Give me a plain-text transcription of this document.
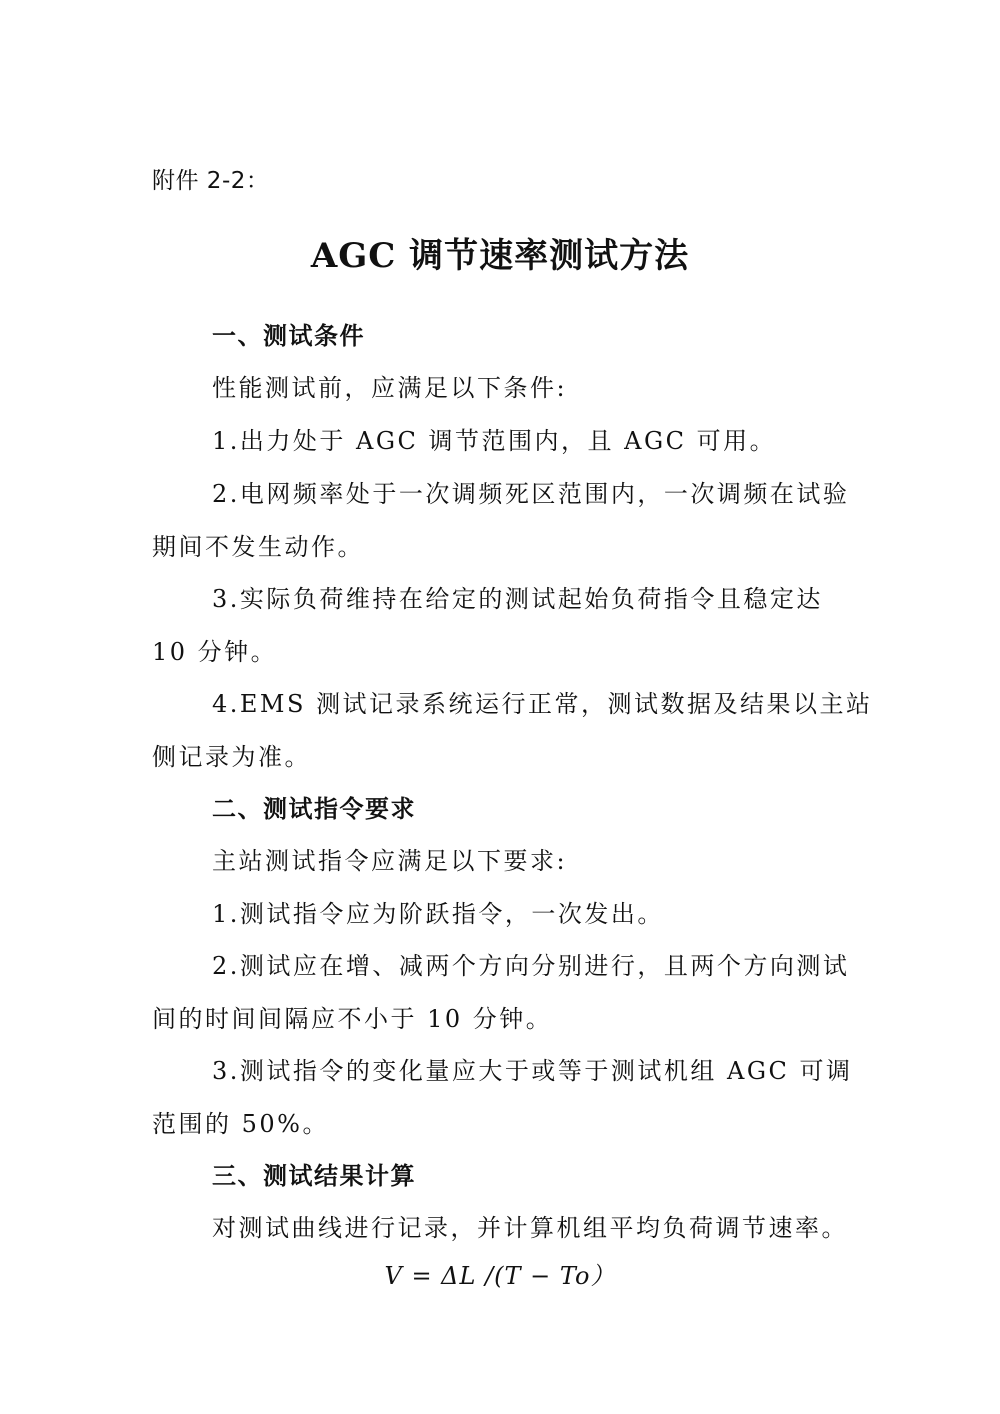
附件 2-2：
AGC 调节速率测试方法
一、测试条件
性能测试前，应满足以下条件:
1.出力处于 AGC 调节范围内，且 AGC 可用。
2.电网频率处于一次调频死区范围内，一次调频在试验
期间不发生动作。
3.实际负荷维持在给定的测试起始负荷指令且稳定达
10 分钟。
4.EMS 测试记录系统运行正常，测试数据及结果以主站
侧记录为准。
二、测试指令要求
主站测试指令应满足以下要求:
1.测试指令应为阶跃指令，一次发出。
2.测试应在增、减两个方向分别进行，且两个方向测试
间的时间间隔应不小于 10 分钟。
3.测试指令的变化量应大于或等于测试机组 AGC 可调
范围的 50%。
三、测试结果计算
对测试曲线进行记录，并计算机组平均负荷调节速率。
V = ΔL /(T − To）
